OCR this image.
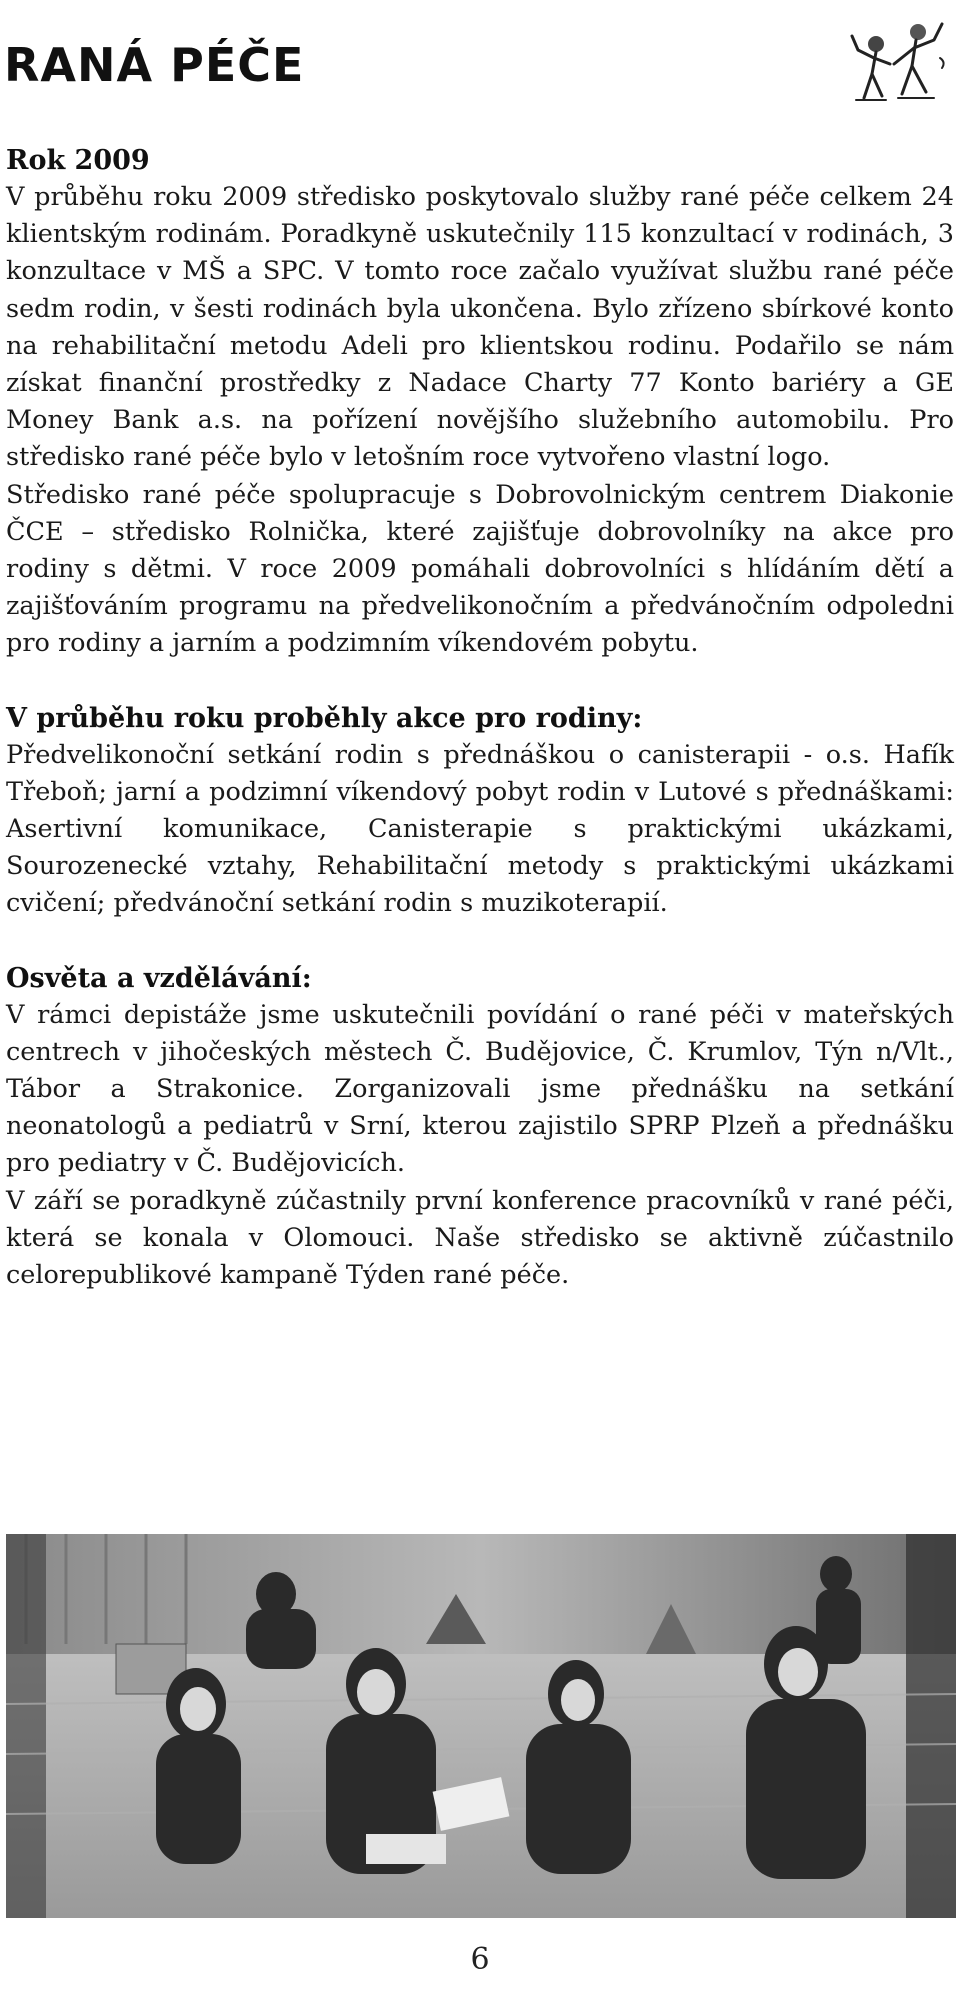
RANÁ PÉČE
Rok 2009

V průběhu roku 2009 středisko poskytovalo služby rané péče celkem 24 klientským rodinám. Poradkyně uskutečnily 115 konzultací v rodinách, 3 konzultace v MŠ a SPC. V tomto roce začalo využívat službu rané péče sedm rodin, v šesti rodinách byla ukončena. Bylo zřízeno sbírkové konto na rehabilitační metodu Adeli pro klientskou rodinu. Podařilo se nám získat finanční prostředky z Nadace Charty 77 Konto bariéry a GE Money Bank a.s. na pořízení novějšího služebního automobilu. Pro středisko rané péče bylo v letošním roce vytvořeno vlastní logo.

Středisko rané péče spolupracuje s Dobrovolnickým centrem Diakonie ČCE – středisko Rolnička, které zajišťuje dobrovolníky na akce pro rodiny s dětmi. V roce 2009 pomáhali dobrovolníci s hlídáním dětí a zajišťováním programu na předvelikonočním a předvánočním odpoledni pro rodiny a jarním a podzimním víkendovém pobytu.

V průběhu roku proběhly akce pro rodiny:

Předvelikonoční setkání rodin s přednáškou o canisterapii - o.s. Hafík Třeboň; jarní a podzimní víkendový pobyt rodin v Lutové s přednáškami: Asertivní komunikace, Canisterapie s praktickými ukázkami, Sourozenecké vztahy, Rehabilitační metody s praktickými ukázkami cvičení; předvánoční setkání rodin s muzikoterapií.

Osvěta a vzdělávání:

V rámci depistáže jsme uskutečnili povídání o rané péči v mateřských centrech v jihočeských městech Č. Budějovice, Č. Krumlov, Týn n/Vlt., Tábor a Strakonice. Zorganizovali jsme přednášku na setkání neonatologů a pediatrů v Srní, kterou zajistilo SPRP Plzeň a přednášku pro pediatry v Č. Budějovicích.

V září se poradkyně zúčastnily první konference pracovníků v rané péči, která se konala v Olomouci. Naše středisko se aktivně zúčastnilo celorepublikové kampaně Týden rané péče.

6
